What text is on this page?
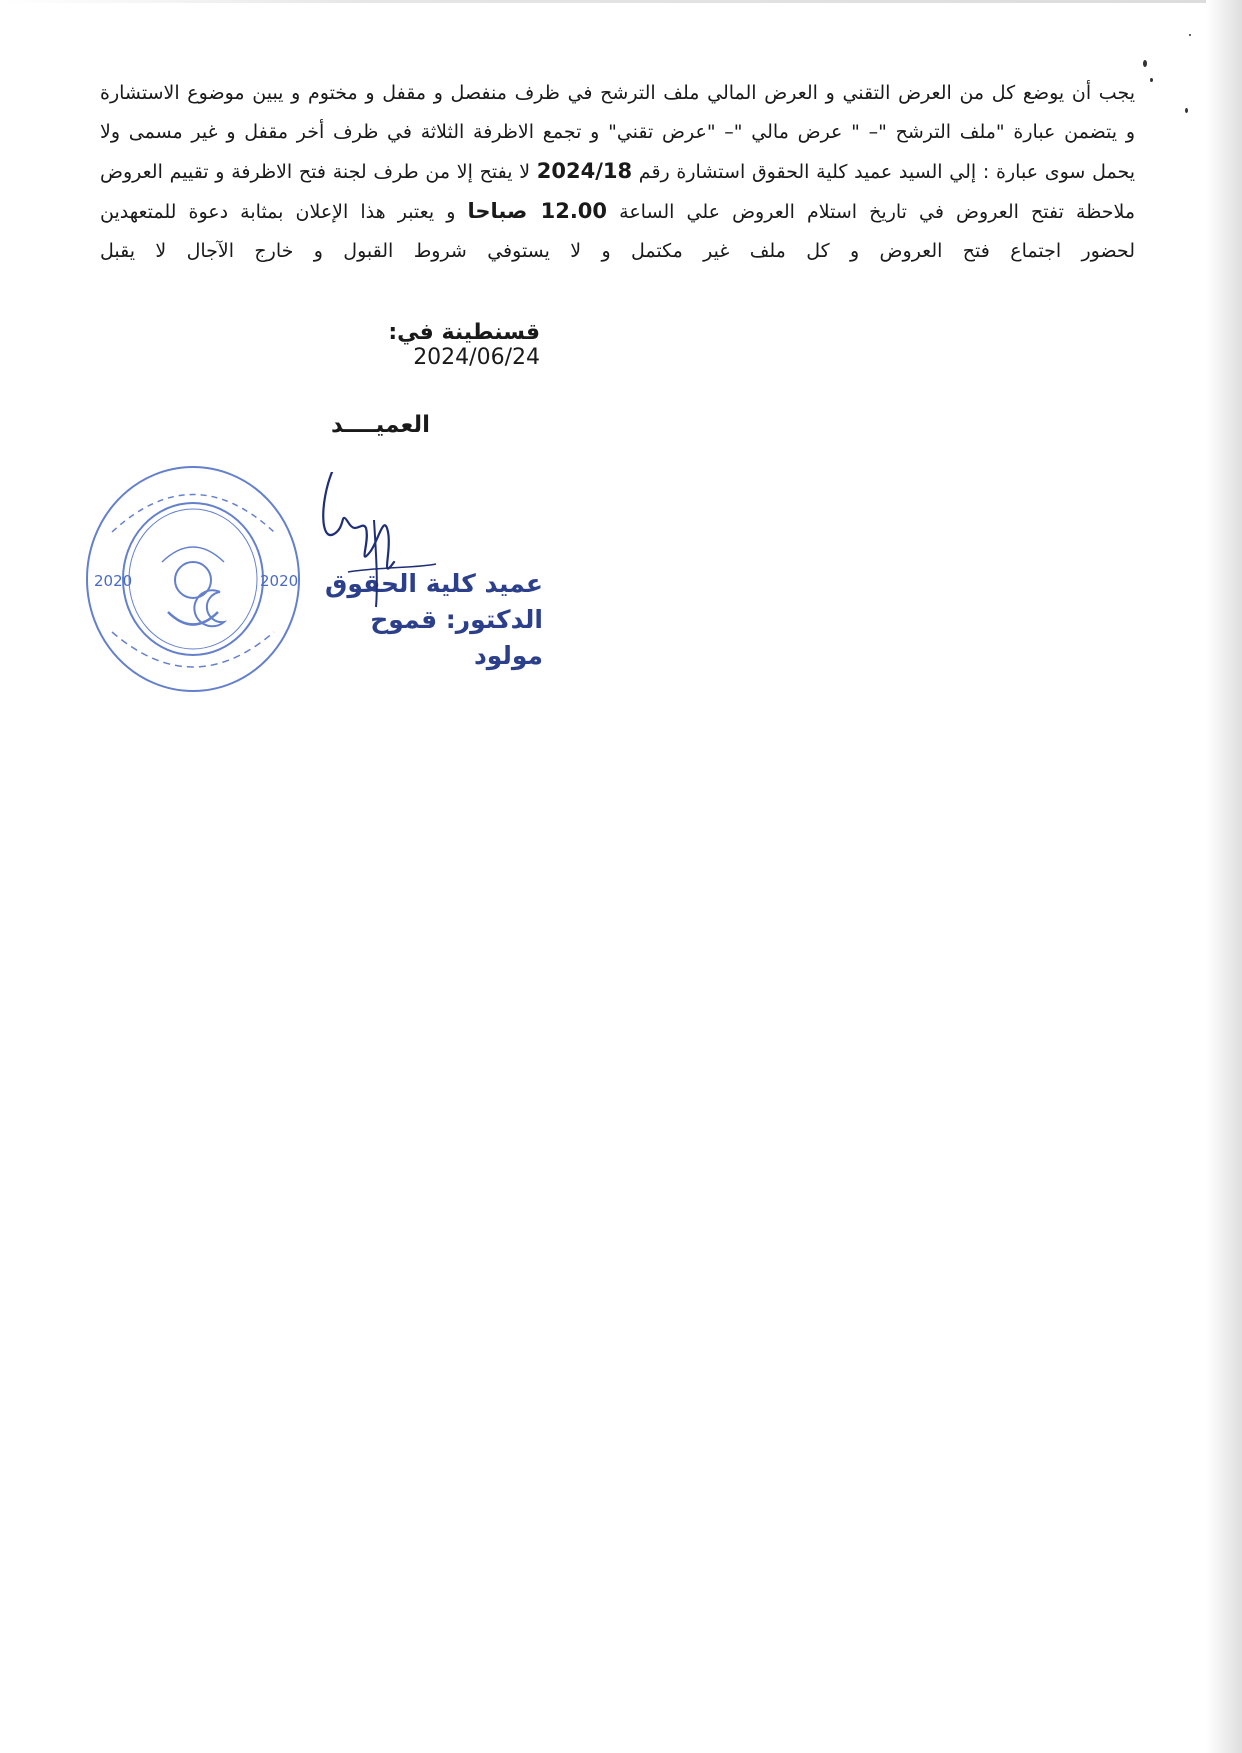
يجب أن يوضع كل من العرض التقني و العرض المالي ملف الترشح في ظرف منفصل و مقفل و مختوم و يبين موضوع الاستشارة
و يتضمن عبارة "ملف الترشح "– " عرض مالي "– "عرض تقني" و تجمع الاظرفة الثلاثة في ظرف أخر مقفل و غير مسمى ولا
يحمل سوى عبارة : إلي السيد عميد كلية الحقوق استشارة رقم 2024/18 لا يفتح إلا من طرف لجنة فتح الاظرفة و تقييم العروض
ملاحظة تفتح العروض في تاريخ استلام العروض علي الساعة 12.00 صباحا و يعتبر هذا الإعلان بمثابة دعوة للمتعهدين
لحضور اجتماع فتح العروض و كل ملف غير مكتمل و لا يستوفي شروط القبول و خارج الآجال لا يقبل
قسنطينة في: 2024/06/24
العميــــد
2020	2020 عميد كلية الحقوق
الدكتور: قموح مولود
